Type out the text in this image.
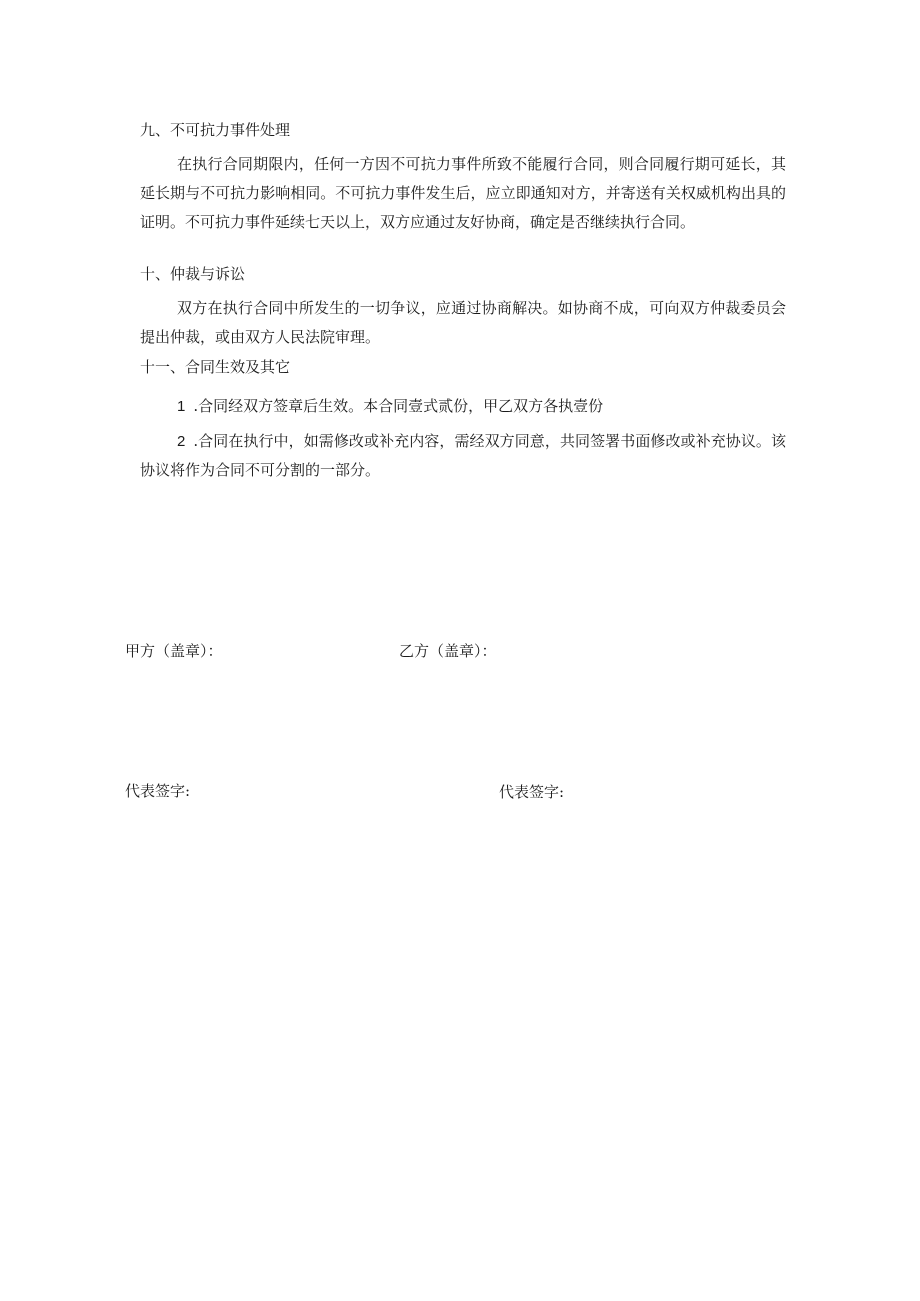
九、不可抗力事件处理
在执行合同期限内，任何一方因不可抗力事件所致不能履行合同，则合同履行期可延长，其延长期与不可抗力影响相同。不可抗力事件发生后，应立即通知对方，并寄送有关权威机构出具的证明。不可抗力事件延续七天以上，双方应通过友好协商，确定是否继续执行合同。
十、仲裁与诉讼
双方在执行合同中所发生的一切争议，应通过协商解决。如协商不成，可向双方仲裁委员会提出仲裁，或由双方人民法院审理。
十一、合同生效及其它
1 .合同经双方签章后生效。本合同壹式贰份，甲乙双方各执壹份
2 .合同在执行中，如需修改或补充内容，需经双方同意，共同签署书面修改或补充协议。该协议将作为合同不可分割的一部分。
甲方（盖章）：	乙方（盖章）：
代表签字:	代表签字:
